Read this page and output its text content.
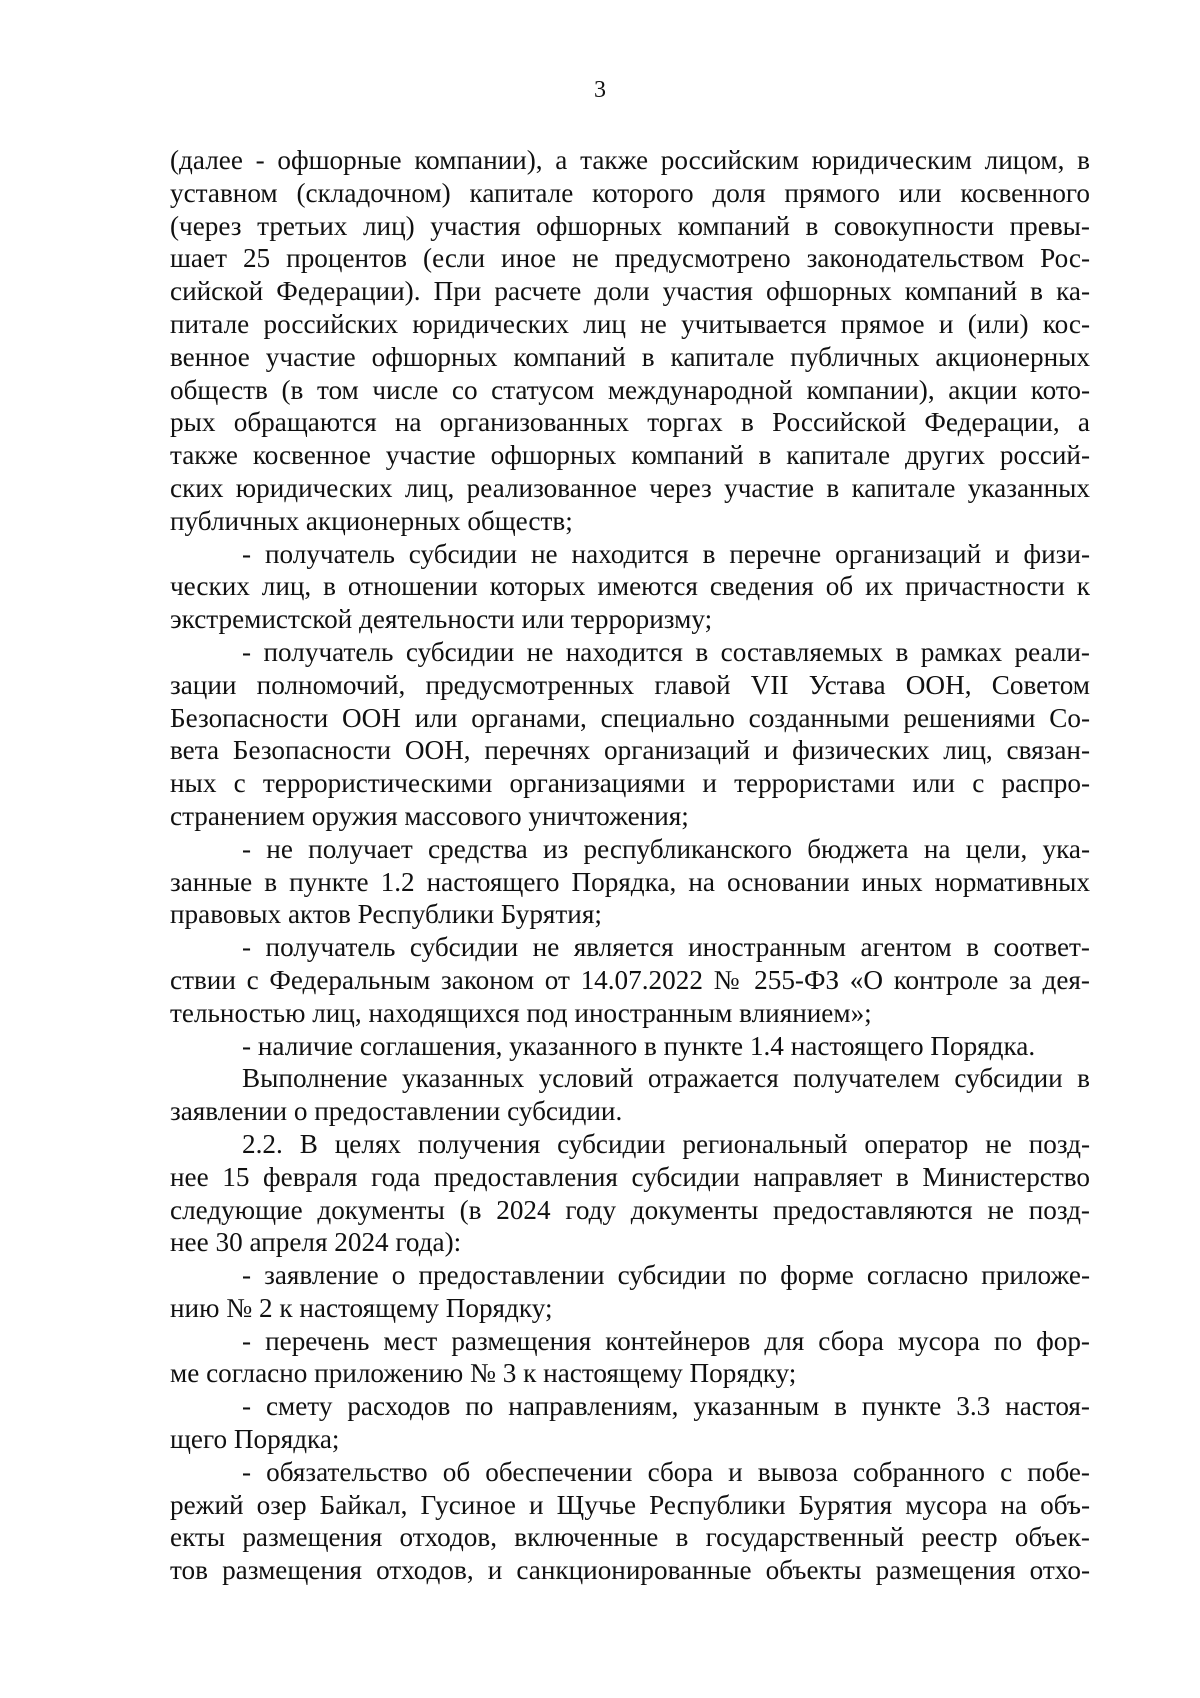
3
(далее - офшорные компании), а также российским юридическим лицом, в
уставном (складочном) капитале которого доля прямого или косвенного
(через третьих лиц) участия офшорных компаний в совокупности превы-
шает 25 процентов (если иное не предусмотрено законодательством Рос-
сийской Федерации). При расчете доли участия офшорных компаний в ка-
питале российских юридических лиц не учитывается прямое и (или) кос-
венное участие офшорных компаний в капитале публичных акционерных
обществ (в том числе со статусом международной компании), акции кото-
рых обращаются на организованных торгах в Российской Федерации, а
также косвенное участие офшорных компаний в капитале других россий-
ских юридических лиц, реализованное через участие в капитале указанных
публичных акционерных обществ;
- получатель субсидии не находится в перечне организаций и физи-
ческих лиц, в отношении которых имеются сведения об их причастности к
экстремистской деятельности или терроризму;
- получатель субсидии не находится в составляемых в рамках реали-
зации полномочий, предусмотренных главой VII Устава ООН, Советом
Безопасности ООН или органами, специально созданными решениями Со-
вета Безопасности ООН, перечнях организаций и физических лиц, связан-
ных с террористическими организациями и террористами или с распро-
странением оружия массового уничтожения;
- не получает средства из республиканского бюджета на цели, ука-
занные в пункте 1.2 настоящего Порядка, на основании иных нормативных
правовых актов Республики Бурятия;
- получатель субсидии не является иностранным агентом в соответ-
ствии с Федеральным законом от 14.07.2022 № 255-ФЗ «О контроле за дея-
тельностью лиц, находящихся под иностранным влиянием»;
- наличие соглашения, указанного в пункте 1.4 настоящего Порядка.
Выполнение указанных условий отражается получателем субсидии в
заявлении о предоставлении субсидии.
2.2. В целях получения субсидии региональный оператор не позд-
нее 15 февраля года предоставления субсидии направляет в Министерство
следующие документы (в 2024 году документы предоставляются не позд-
нее 30 апреля 2024 года):
- заявление о предоставлении субсидии по форме согласно приложе-
нию № 2 к настоящему Порядку;
- перечень мест размещения контейнеров для сбора мусора по фор-
ме согласно приложению № 3 к настоящему Порядку;
- смету расходов по направлениям, указанным в пункте 3.3 настоя-
щего Порядка;
- обязательство об обеспечении сбора и вывоза собранного с побе-
режий озер Байкал, Гусиное и Щучье Республики Бурятия мусора на объ-
екты размещения отходов, включенные в государственный реестр объек-
тов размещения отходов, и санкционированные объекты размещения отхо-
